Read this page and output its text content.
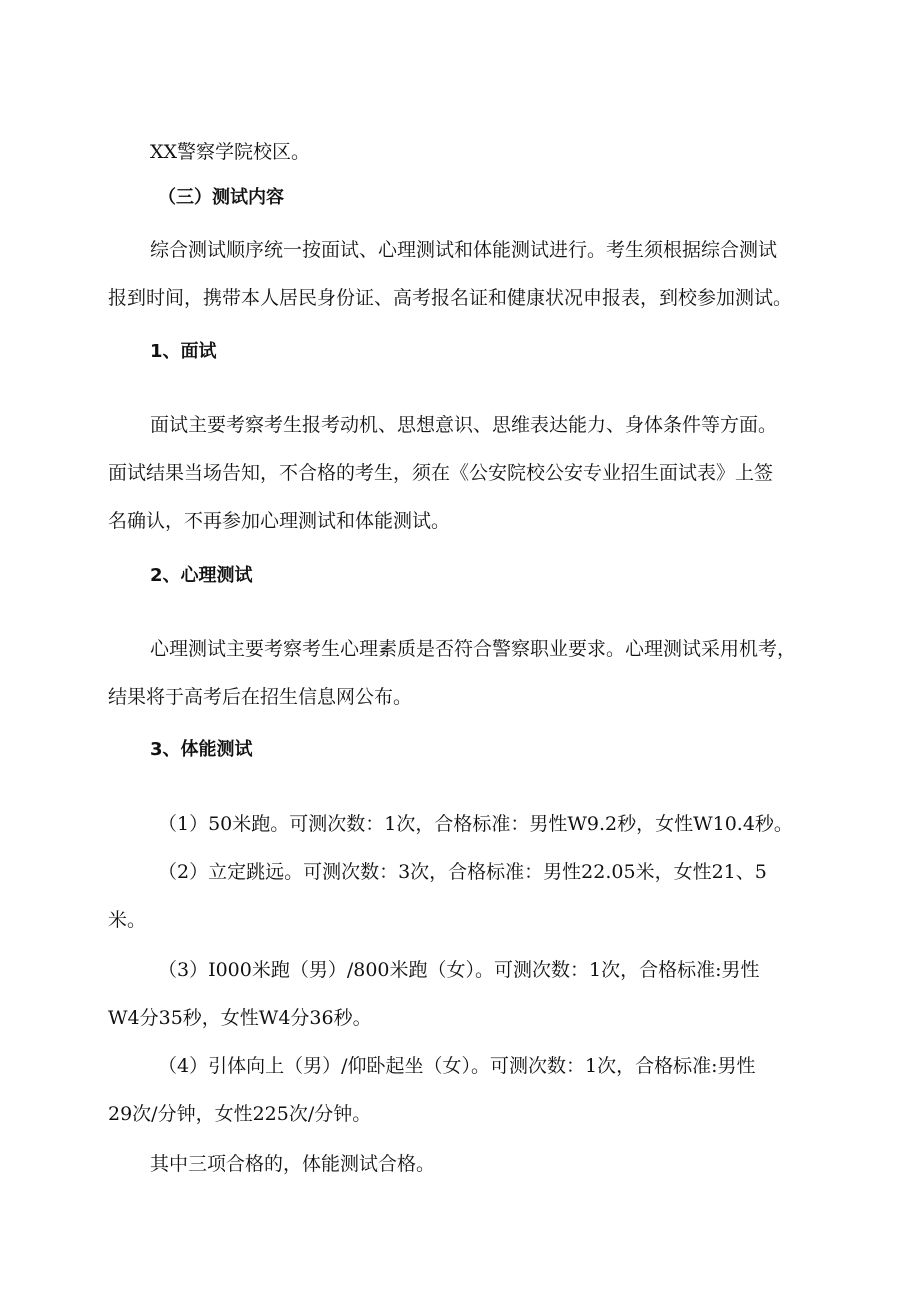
XX警察学院校区。

（三）测试内容

综合测试顺序统一按面试、心理测试和体能测试进行。考生须根据综合测试

报到时间，携带本人居民身份证、高考报名证和健康状况申报表，到校参加测试。

1、面试

面试主要考察考生报考动机、思想意识、思维表达能力、身体条件等方面。

面试结果当场告知，不合格的考生，须在《公安院校公安专业招生面试表》上签

名确认，不再参加心理测试和体能测试。

2、心理测试

心理测试主要考察考生心理素质是否符合警察职业要求。心理测试采用机考，

结果将于高考后在招生信息网公布。

3、体能测试

（1）50米跑。可测次数：1次，合格标准：男性W9.2秒，女性W10.4秒。

（2）立定跳远。可测次数：3次，合格标准：男性22.05米，女性21、5

米。

（3）I000米跑（男）/800米跑（女）。可测次数：1次，合格标准:男性

W4分35秒，女性W4分36秒。

（4）引体向上（男）/仰卧起坐（女）。可测次数：1次，合格标准:男性

29次/分钟，女性225次/分钟。

其中三项合格的，体能测试合格。
